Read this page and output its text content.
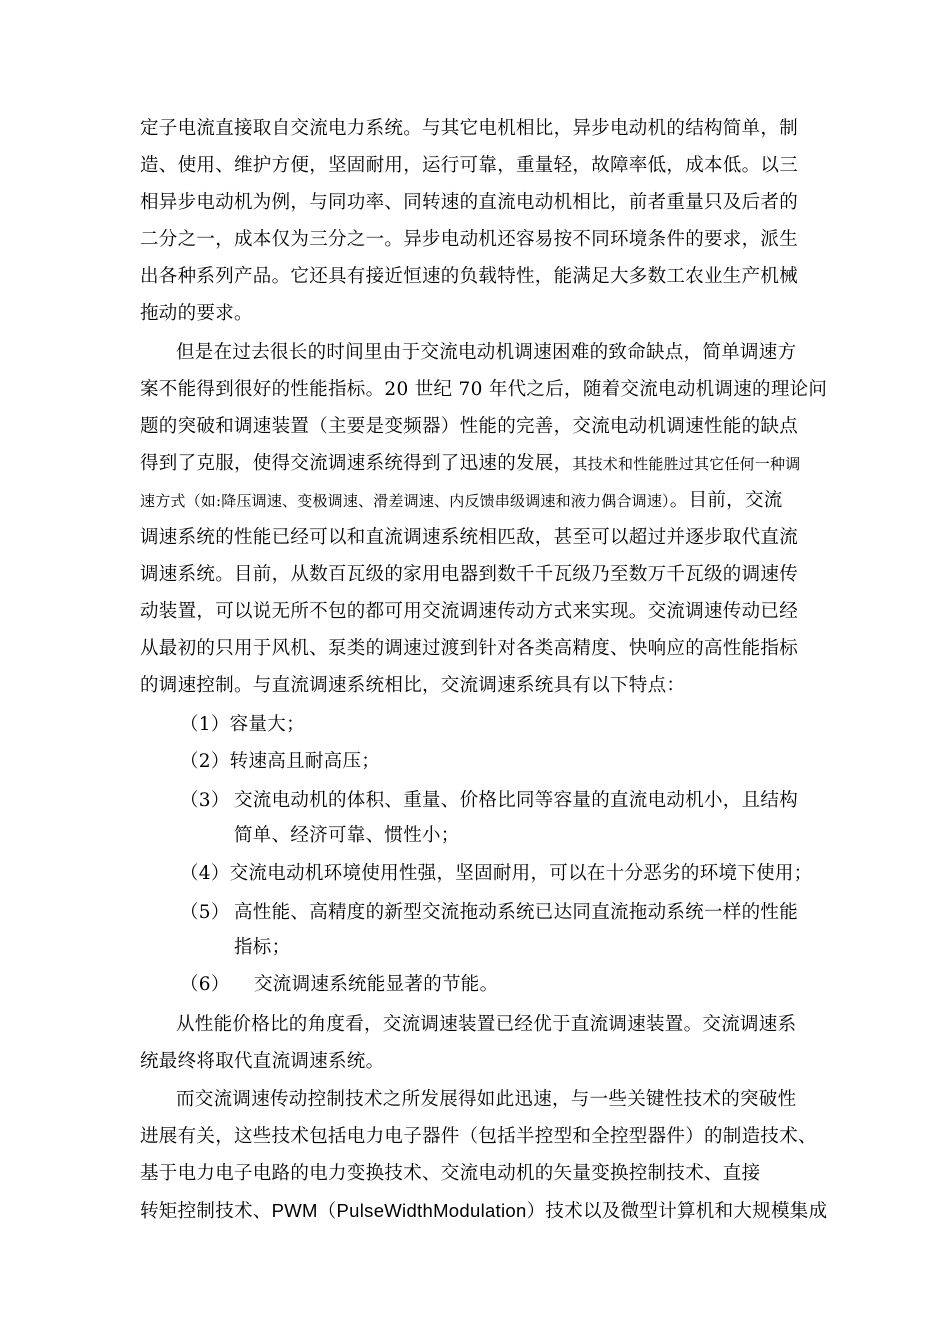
定子电流直接取自交流电力系统。与其它电机相比，异步电动机的结构简单，制
造、使用、维护方便，坚固耐用，运行可靠，重量轻，故障率低，成本低。以三
相异步电动机为例，与同功率、同转速的直流电动机相比，前者重量只及后者的
二分之一，成本仅为三分之一。异步电动机还容易按不同环境条件的要求，派生
出各种系列产品。它还具有接近恒速的负载特性，能满足大多数工农业生产机械
拖动的要求。
但是在过去很长的时间里由于交流电动机调速困难的致命缺点，简单调速方
案不能得到很好的性能指标。20 世纪 70 年代之后，随着交流电动机调速的理论问
题的突破和调速装置（主要是变频器）性能的完善，交流电动机调速性能的缺点
得到了克服，使得交流调速系统得到了迅速的发展，其技术和性能胜过其它任何一种调
速方式（如:降压调速、变极调速、滑差调速、内反馈串级调速和液力偶合调速）。目前，交流
调速系统的性能已经可以和直流调速系统相匹敌，甚至可以超过并逐步取代直流
调速系统。目前，从数百瓦级的家用电器到数千千瓦级乃至数万千瓦级的调速传
动装置，可以说无所不包的都可用交流调速传动方式来实现。交流调速传动已经
从最初的只用于风机、泵类的调速过渡到针对各类高精度、快响应的高性能指标
的调速控制。与直流调速系统相比，交流调速系统具有以下特点：
（1）容量大；
（2）转速高且耐高压；
（3） 交流电动机的体积、重量、价格比同等容量的直流电动机小，且结构
简单、经济可靠、惯性小；
（4）交流电动机环境使用性强，坚固耐用，可以在十分恶劣的环境下使用；
（5） 高性能、高精度的新型交流拖动系统已达同直流拖动系统一样的性能
指标；
（6） 交流调速系统能显著的节能。
从性能价格比的角度看，交流调速装置已经优于直流调速装置。交流调速系
统最终将取代直流调速系统。
而交流调速传动控制技术之所发展得如此迅速，与一些关键性技术的突破性
进展有关，这些技术包括电力电子器件（包括半控型和全控型器件）的制造技术、
基于电力电子电路的电力变换技术、交流电动机的矢量变换控制技术、直接
转矩控制技术、PWM（PulseWidthModulation）技术以及微型计算机和大规模集成
